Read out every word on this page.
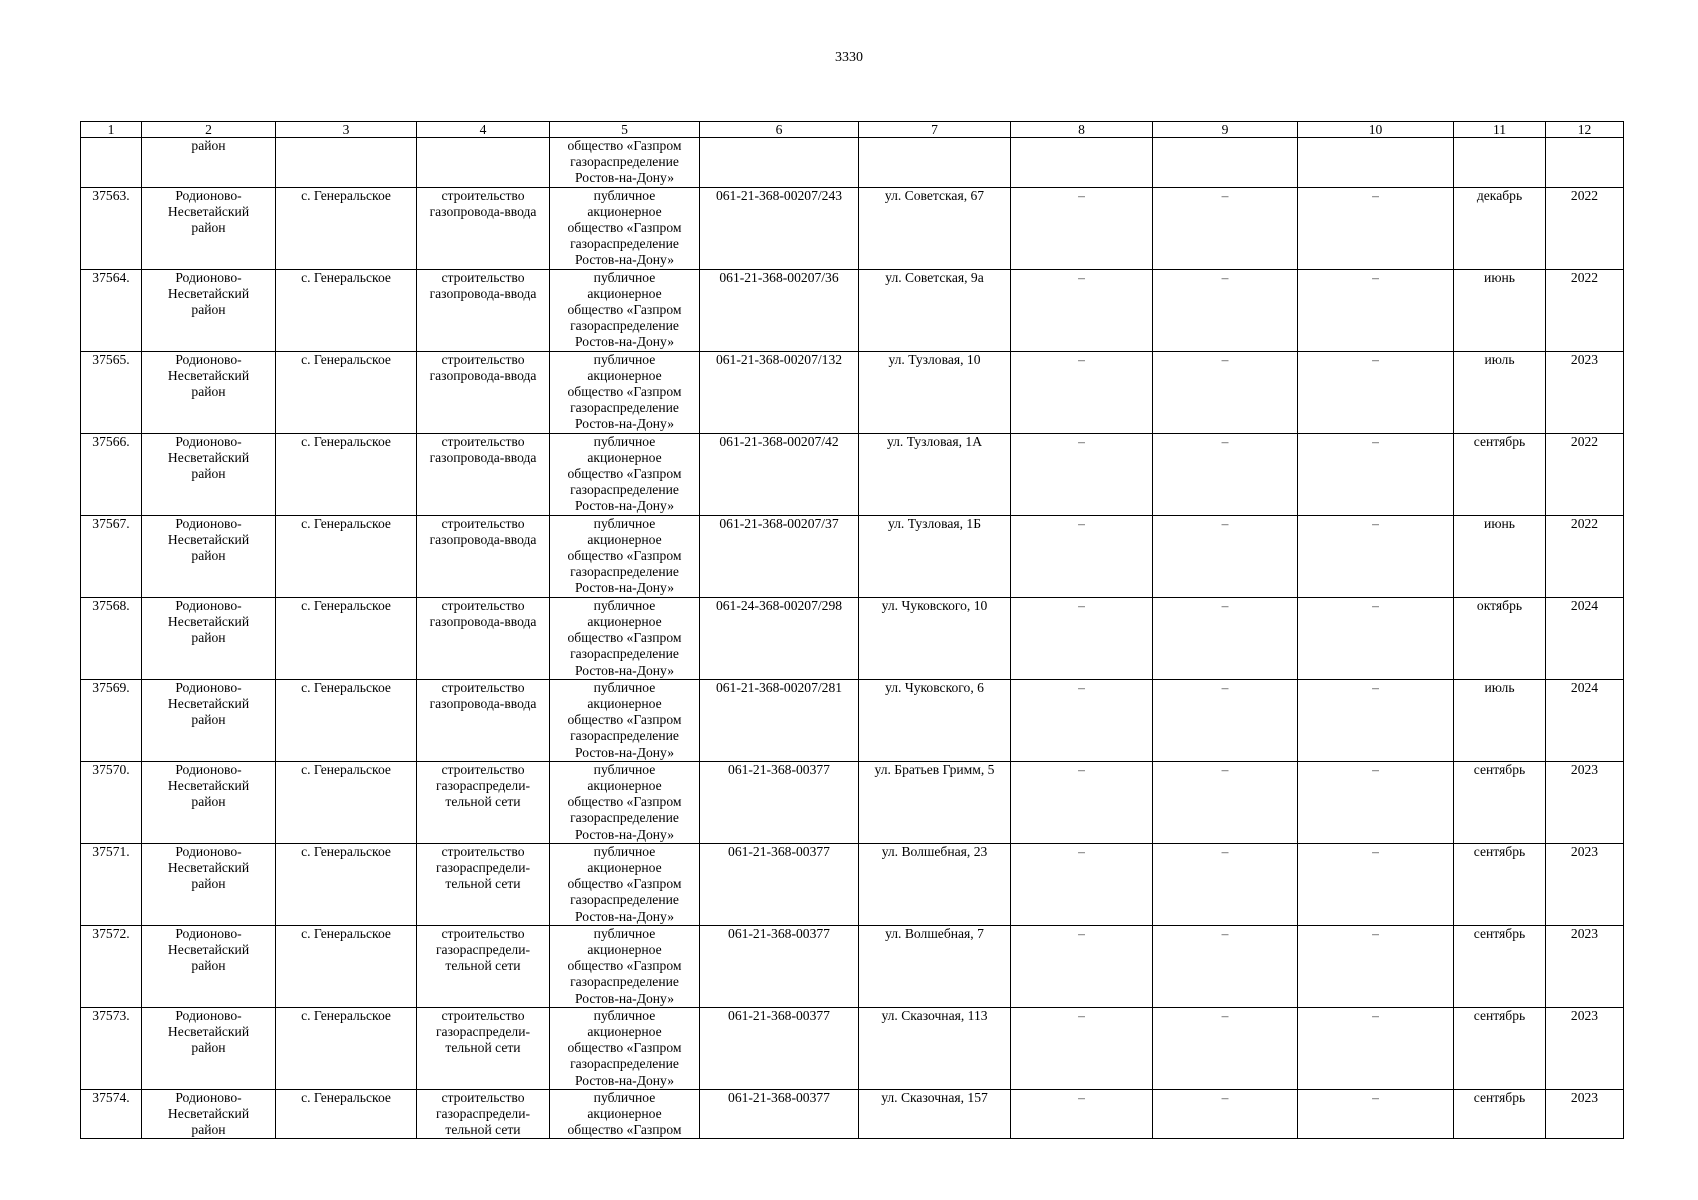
3330
1	2	3	4	5	6	7	8	9	10	11	12
	район			общество «Газпром
газораспределение
Ростов-на-Дону»							
37563.	Родионово-
Несветайский
район	с. Генеральское	строительство
газопровода-ввода	публичное
акционерное
общество «Газпром
газораспределение
Ростов-на-Дону»	061-21-368-00207/243	ул. Советская, 67	–	–	–	декабрь	2022
37564.	Родионово-
Несветайский
район	с. Генеральское	строительство
газопровода-ввода	публичное
акционерное
общество «Газпром
газораспределение
Ростов-на-Дону»	061-21-368-00207/36	ул. Советская, 9а	–	–	–	июнь	2022
37565.	Родионово-
Несветайский
район	с. Генеральское	строительство
газопровода-ввода	публичное
акционерное
общество «Газпром
газораспределение
Ростов-на-Дону»	061-21-368-00207/132	ул. Тузловая, 10	–	–	–	июль	2023
37566.	Родионово-
Несветайский
район	с. Генеральское	строительство
газопровода-ввода	публичное
акционерное
общество «Газпром
газораспределение
Ростов-на-Дону»	061-21-368-00207/42	ул. Тузловая, 1А	–	–	–	сентябрь	2022
37567.	Родионово-
Несветайский
район	с. Генеральское	строительство
газопровода-ввода	публичное
акционерное
общество «Газпром
газораспределение
Ростов-на-Дону»	061-21-368-00207/37	ул. Тузловая, 1Б	–	–	–	июнь	2022
37568.	Родионово-
Несветайский
район	с. Генеральское	строительство
газопровода-ввода	публичное
акционерное
общество «Газпром
газораспределение
Ростов-на-Дону»	061-24-368-00207/298	ул. Чуковского, 10	–	–	–	октябрь	2024
37569.	Родионово-
Несветайский
район	с. Генеральское	строительство
газопровода-ввода	публичное
акционерное
общество «Газпром
газораспределение
Ростов-на-Дону»	061-21-368-00207/281	ул. Чуковского, 6	–	–	–	июль	2024
37570.	Родионово-
Несветайский
район	с. Генеральское	строительство
газораспредели-
тельной сети	публичное
акционерное
общество «Газпром
газораспределение
Ростов-на-Дону»	061-21-368-00377	ул. Братьев Гримм, 5	–	–	–	сентябрь	2023
37571.	Родионово-
Несветайский
район	с. Генеральское	строительство
газораспредели-
тельной сети	публичное
акционерное
общество «Газпром
газораспределение
Ростов-на-Дону»	061-21-368-00377	ул. Волшебная, 23	–	–	–	сентябрь	2023
37572.	Родионово-
Несветайский
район	с. Генеральское	строительство
газораспредели-
тельной сети	публичное
акционерное
общество «Газпром
газораспределение
Ростов-на-Дону»	061-21-368-00377	ул. Волшебная, 7	–	–	–	сентябрь	2023
37573.	Родионово-
Несветайский
район	с. Генеральское	строительство
газораспредели-
тельной сети	публичное
акционерное
общество «Газпром
газораспределение
Ростов-на-Дону»	061-21-368-00377	ул. Сказочная, 113	–	–	–	сентябрь	2023
37574.	Родионово-
Несветайский
район	с. Генеральское	строительство
газораспредели-
тельной сети	публичное
акционерное
общество «Газпром	061-21-368-00377	ул. Сказочная, 157	–	–	–	сентябрь	2023
